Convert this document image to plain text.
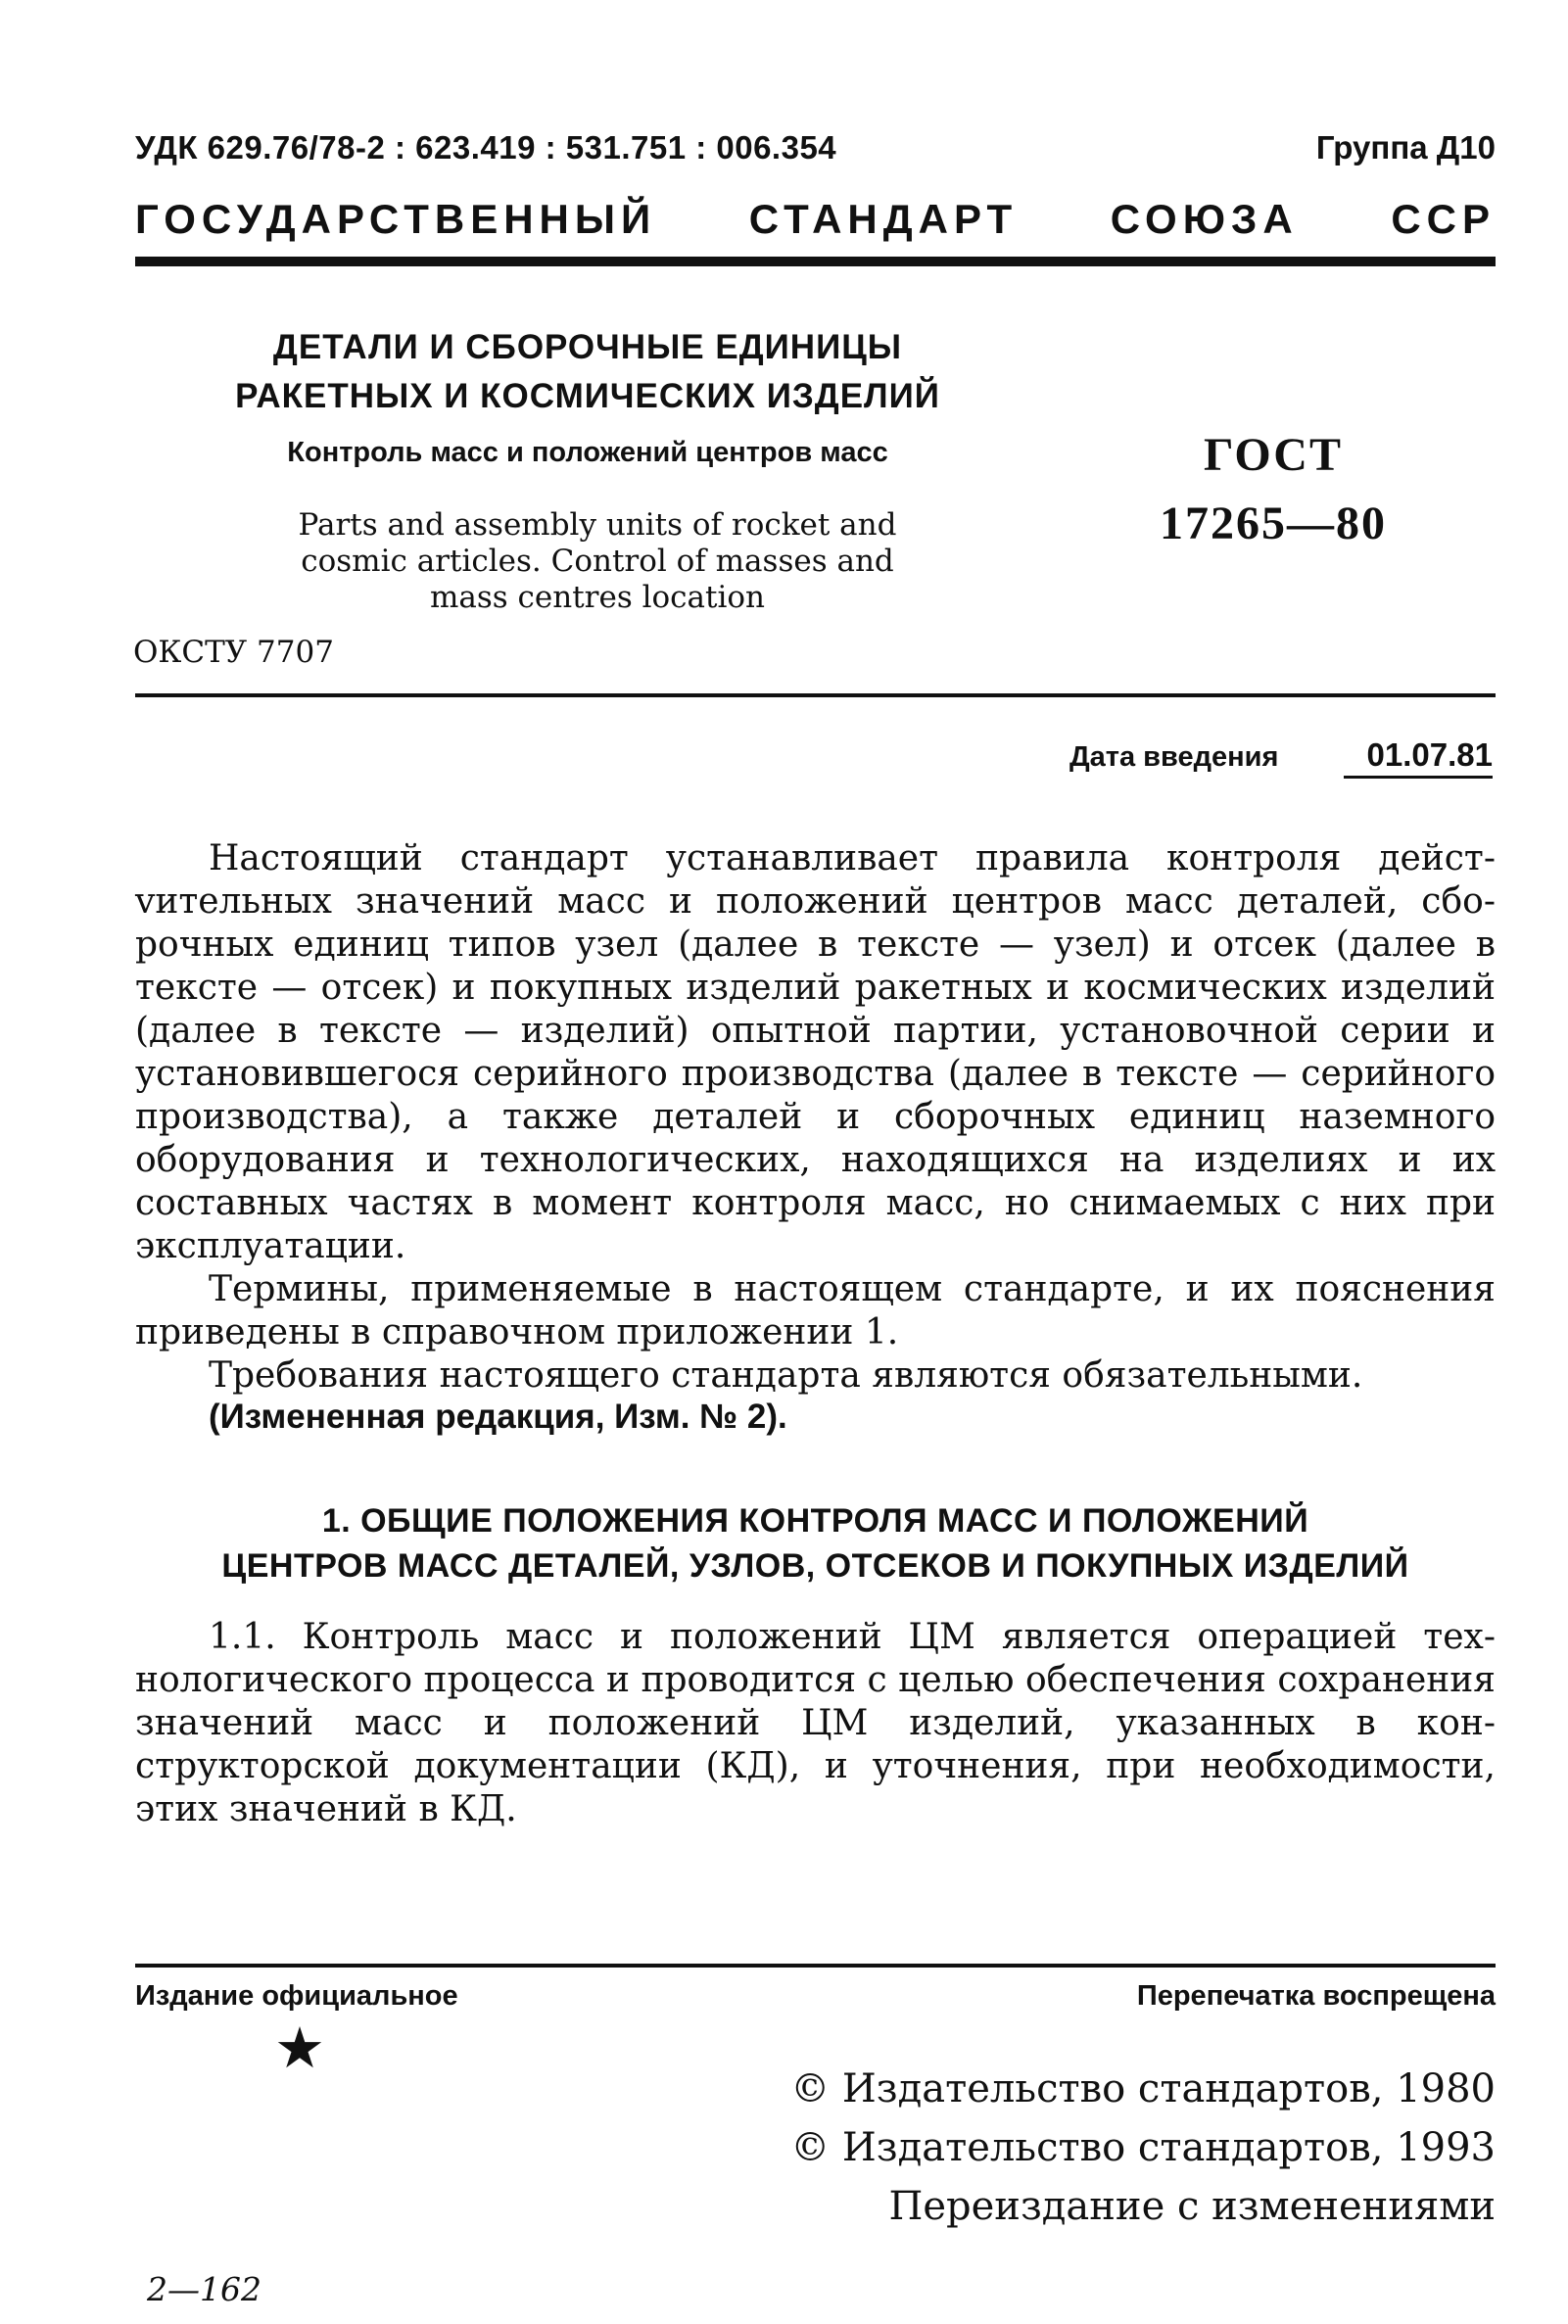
УДК 629.76/78-2 : 623.419 : 531.751 : 006.354	Группа Д10
ГОСУДАРСТВЕННЫЙ СТАНДАРТ СОЮЗА ССР
ДЕТАЛИ И СБОРОЧНЫЕ ЕДИНИЦЫ
РАКЕТНЫХ И КОСМИЧЕСКИХ ИЗДЕЛИЙ
Контроль масс и положений центров масс
Parts and assembly units of rocket and
cosmic articles. Control of masses and
mass centres location
ГОСТ
17265—80
ОКСТУ 7707
Дата введения	01.07.81

Настоящий стандарт устанавливает правила контроля дейстvительных значений масс и положений центров масс деталей, сборочных единиц типов узел (далее в тексте — узел) и отсек (далее в тексте — отсек) и покупных изделий ракетных и космических изделий (далее в тексте — изделий) опытной партии, установочной серии и установившегося серийного производства (далее в тексте — серийного производства), а также деталей и сборочных единиц наземного оборудования и технологических, находящихся на изделиях и их составных частях в момент контроля масс, но снимаемых с них при эксплуатации.

Термины, применяемые в настоящем стандарте, и их пояснения приведены в справочном приложении 1.

Требования настоящего стандарта являются обязательными.

(Измененная редакция, Изм. № 2).
1. ОБЩИЕ ПОЛОЖЕНИЯ КОНТРОЛЯ МАСС И ПОЛОЖЕНИЙ
ЦЕНТРОВ МАСС ДЕТАЛЕЙ, УЗЛОВ, ОТСЕКОВ И ПОКУПНЫХ ИЗДЕЛИЙ

1.1. Контроль масс и положений ЦМ является операцией технологического процесса и проводится с целью обеспечения сохранения значений масс и положений ЦМ изделий, указанных в конструкторской документации (КД), и уточнения, при необходимости, этих значений в КД.

Издание официальное	Перепечатка воспрещена
★
© Издательство стандартов, 1980
© Издательство стандартов, 1993
Переиздание с изменениями
2—162
